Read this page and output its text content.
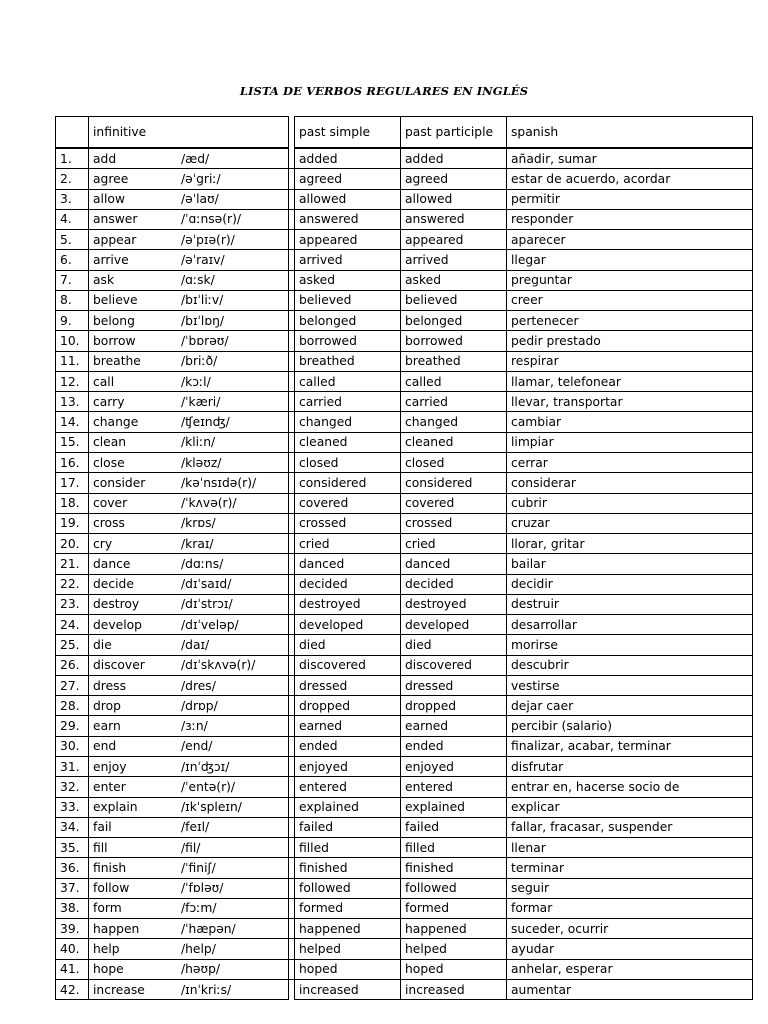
LISTA DE VERBOS REGULARES EN INGLÉS
	infinitive		past simple	past participle	spanish
1.	add /æd/		added	added	añadir, sumar
2.	agree /əˈgriː/		agreed	agreed	estar de acuerdo, acordar
3.	allow /əˈlaʊ/		allowed	allowed	permitir
4.	answer /ˈɑːnsə(r)/		answered	answered	responder
5.	appear /əˈpɪə(r)/		appeared	appeared	aparecer
6.	arrive /əˈraɪv/		arrived	arrived	llegar
7.	ask /ɑːsk/		asked	asked	preguntar
8.	believe /bɪˈliːv/		believed	believed	creer
9.	belong /bɪˈlɒŋ/		belonged	belonged	pertenecer
10.	borrow /ˈbɒrəʊ/		borrowed	borrowed	pedir prestado
11.	breathe /briːð/		breathed	breathed	respirar
12.	call /kɔːl/		called	called	llamar, telefonear
13.	carry /ˈkæri/		carried	carried	llevar, transportar
14.	change /ʧeɪnʤ/		changed	changed	cambiar
15.	clean /kliːn/		cleaned	cleaned	limpiar
16.	close /kləʊz/		closed	closed	cerrar
17.	consider /kəˈnsɪdə(r)/		considered	considered	considerar
18.	cover /ˈkʌvə(r)/		covered	covered	cubrir
19.	cross /krɒs/		crossed	crossed	cruzar
20.	cry /kraɪ/		cried	cried	llorar, gritar
21.	dance /dɑːns/		danced	danced	bailar
22.	decide /dɪˈsaɪd/		decided	decided	decidir
23.	destroy /dɪˈstrɔɪ/		destroyed	destroyed	destruir
24.	develop /dɪˈveləp/		developed	developed	desarrollar
25.	die /daɪ/		died	died	morirse
26.	discover /dɪˈskʌvə(r)/		discovered	discovered	descubrir
27.	dress /dres/		dressed	dressed	vestirse
28.	drop /drɒp/		dropped	dropped	dejar caer
29.	earn /ɜːn/		earned	earned	percibir (salario)
30.	end /end/		ended	ended	finalizar, acabar, terminar
31.	enjoy /ɪnˈʤɔɪ/		enjoyed	enjoyed	disfrutar
32.	enter /ˈentə(r)/		entered	entered	entrar en, hacerse socio de
33.	explain /ɪkˈspleɪn/		explained	explained	explicar
34.	fail /feɪl/		failed	failed	fallar, fracasar, suspender
35.	fill /fil/		filled	filled	llenar
36.	finish /ˈfiniʃ/		finished	finished	terminar
37.	follow /ˈfɒləʊ/		followed	followed	seguir
38.	form /fɔːm/		formed	formed	formar
39.	happen /ˈhæpən/		happened	happened	suceder, ocurrir
40.	help /help/		helped	helped	ayudar
41.	hope /həʊp/		hoped	hoped	anhelar, esperar
42.	increase /ɪnˈkriːs/		increased	increased	aumentar
